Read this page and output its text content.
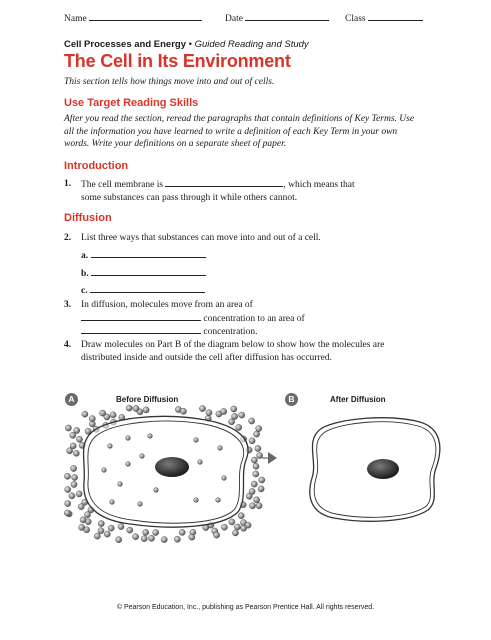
Name	Date	Class
Cell Processes and Energy • Guided Reading and Study
The Cell in Its Environment
This section tells how things move into and out of cells.
Use Target Reading Skills
After you read the section, reread the paragraphs that contain definitions of Key Terms. Use all the information you have learned to write a definition of each Key Term in your own words. Write your definitions on a separate sheet of paper.
Introduction
1. The cell membrane is	, which means that
some substances can pass through it while others cannot.
Diffusion
2. List three ways that substances can move into and out of a cell.
a.
b.
c.
3. In diffusion, molecules move from an area of
concentration to an area of
concentration.
4. Draw molecules on Part B of the diagram below to show how the molecules are distributed inside and outside the cell after diffusion has occurred.
A	Before Diffusion	B	After Diffusion
© Pearson Education, Inc., publishing as Pearson Prentice Hall. All rights reserved.
